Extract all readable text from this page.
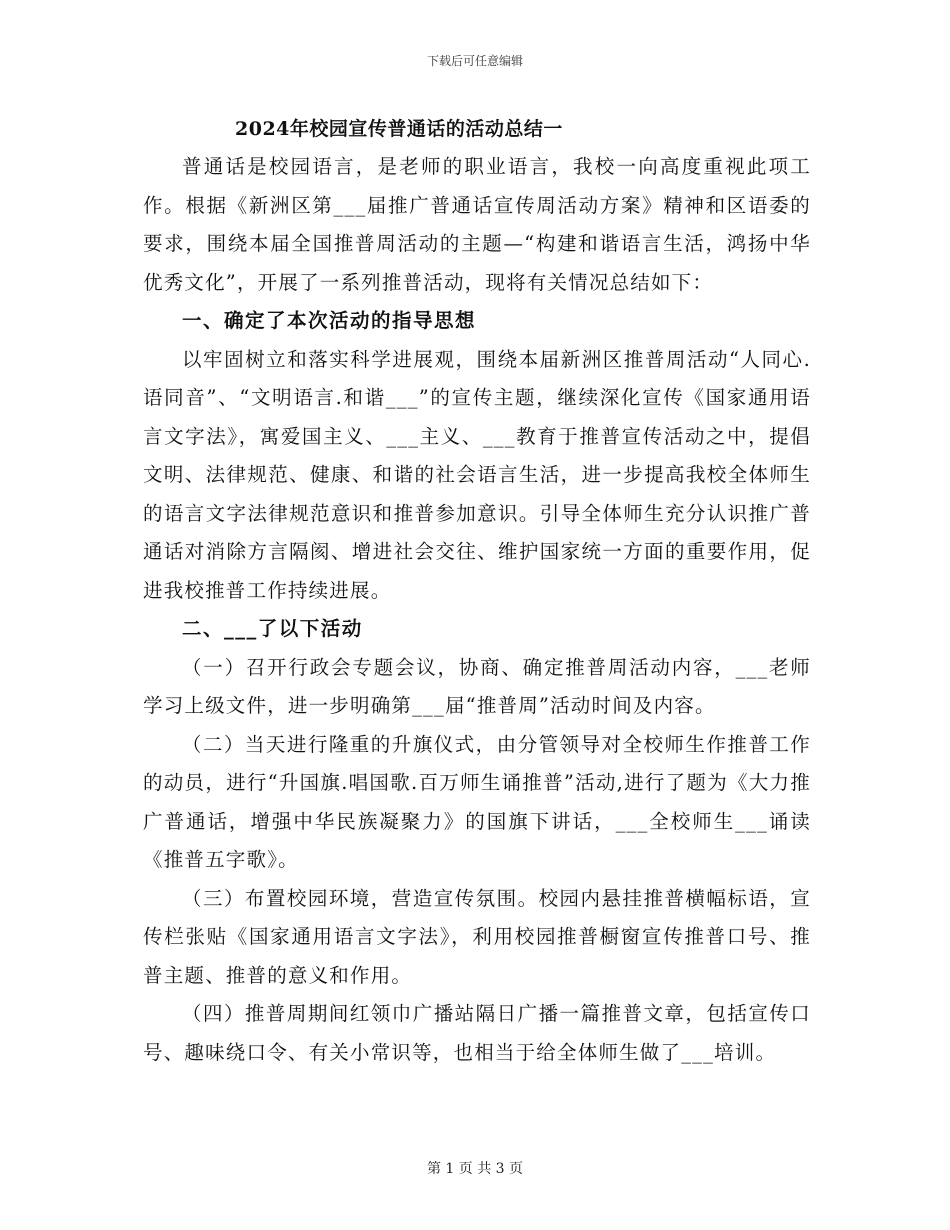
下载后可任意编辑
2024年校园宣传普通话的活动总结一

普通话是校园语言，是老师的职业语言，我校一向高度重视此项工作。根据《新洲区第___届推广普通话宣传周活动方案》精神和区语委的要求，围绕本届全国推普周活动的主题—“构建和谐语言生活，鸿扬中华优秀文化”，开展了一系列推普活动，现将有关情况总结如下：

一、确定了本次活动的指导思想

以牢固树立和落实科学进展观，围绕本届新洲区推普周活动“人同心.语同音”、“文明语言.和谐___”的宣传主题，继续深化宣传《国家通用语言文字法》，寓爱国主义、___主义、___教育于推普宣传活动之中，提倡文明、法律规范、健康、和谐的社会语言生活，进一步提高我校全体师生的语言文字法律规范意识和推普参加意识。引导全体师生充分认识推广普通话对消除方言隔阂、增进社会交往、维护国家统一方面的重要作用，促进我校推普工作持续进展。

二、___了以下活动

（一）召开行政会专题会议，协商、确定推普周活动内容，___老师学习上级文件，进一步明确第___届“推普周”活动时间及内容。

（二）当天进行隆重的升旗仪式，由分管领导对全校师生作推普工作的动员，进行“升国旗.唱国歌.百万师生诵推普”活动,进行了题为《大力推广普通话，增强中华民族凝聚力》的国旗下讲话，___全校师生___诵读《推普五字歌》。

（三）布置校园环境，营造宣传氛围。校园内悬挂推普横幅标语，宣传栏张贴《国家通用语言文字法》，利用校园推普橱窗宣传推普口号、推普主题、推普的意义和作用。

（四）推普周期间红领巾广播站隔日广播一篇推普文章，包括宣传口号、趣味绕口令、有关小常识等，也相当于给全体师生做了___培训。

第 1 页 共 3 页
